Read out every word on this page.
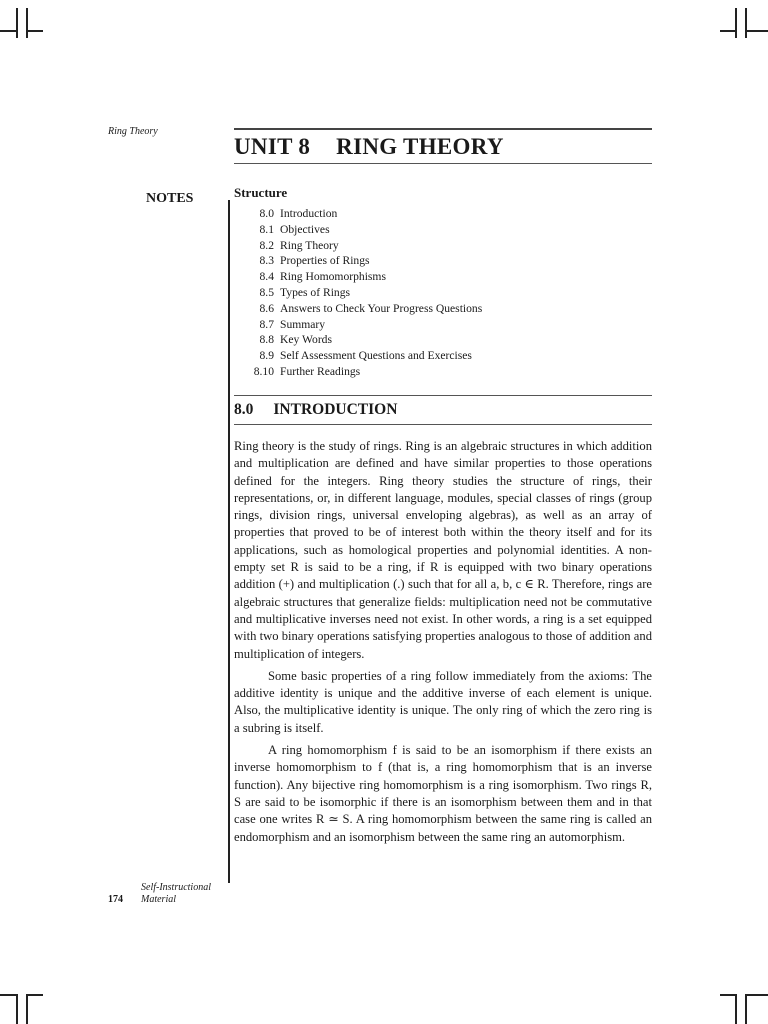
Ring Theory
UNIT 8 RING THEORY
NOTES	Structure
8.0 Introduction
8.1 Objectives
8.2 Ring Theory
8.3 Properties of Rings
8.4 Ring Homomorphisms
8.5 Types of Rings
8.6 Answers to Check Your Progress Questions
8.7 Summary
8.8 Key Words
8.9 Self Assessment Questions and Exercises
8.10 Further Readings
8.0 INTRODUCTION

Ring theory is the study of rings. Ring is an algebraic structures in which addition and multiplication are defined and have similar properties to those operations defined for the integers. Ring theory studies the structure of rings, their representations, or, in different language, modules, special classes of rings (group rings, division rings, universal enveloping algebras), as well as an array of properties that proved to be of interest both within the theory itself and for its applications, such as homological properties and polynomial identities. A non-empty set R is said to be a ring, if R is equipped with two binary operations addition (+) and multiplication (.) such that for all a, b, c ∈ R. Therefore, rings are algebraic structures that generalize fields: multiplication need not be commutative and multiplicative inverses need not exist. In other words, a ring is a set equipped with two binary operations satisfying properties analogous to those of addition and multiplication of integers.

Some basic properties of a ring follow immediately from the axioms: The additive identity is unique and the additive inverse of each element is unique. Also, the multiplicative identity is unique. The only ring of which the zero ring is a subring is itself.

A ring homomorphism f is said to be an isomorphism if there exists an inverse homomorphism to f (that is, a ring homomorphism that is an inverse function). Any bijective ring homomorphism is a ring isomorphism. Two rings R, S are said to be isomorphic if there is an isomorphism between them and in that case one writes R ≃ S. A ring homomorphism between the same ring is called an endomorphism and an isomorphism between the same ring an automorphism.

Self-Instructional
Material
174
